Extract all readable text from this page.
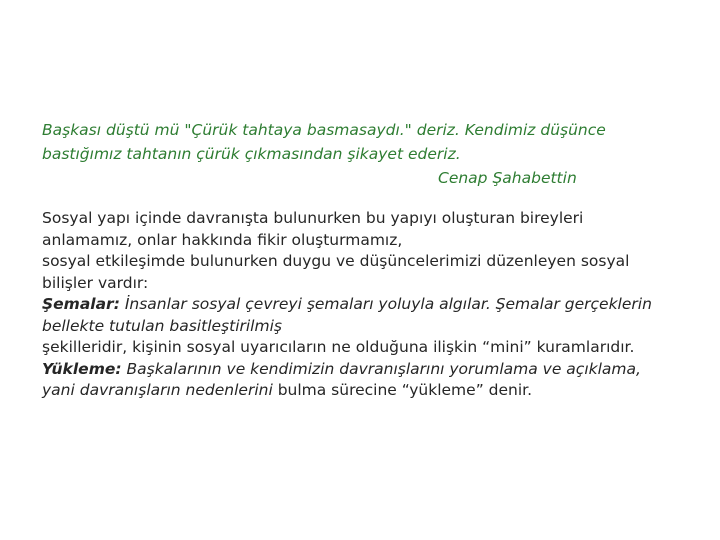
Başkası düştü mü "Çürük tahtaya basmasaydı." deriz. Kendimiz düşünce
bastığımız tahtanın çürük çıkmasından şikayet ederiz.
Cenap Şahabettin
Sosyal yapı içinde davranışta bulunurken bu yapıyı oluşturan bireyleri
anlamamız, onlar hakkında fikir oluşturmamız,
sosyal etkileşimde bulunurken duygu ve düşüncelerimizi düzenleyen sosyal
bilişler vardır:
Şemalar: İnsanlar sosyal çevreyi şemaları yoluyla algılar. Şemalar gerçeklerin
bellekte tutulan basitleştirilmiş
şekilleridir, kişinin sosyal uyarıcıların ne olduğuna ilişkin “mini” kuramlarıdır.
Yükleme: Başkalarının ve kendimizin davranışlarını yorumlama ve açıklama,
yani davranışların nedenlerini bulma sürecine “yükleme” denir.
